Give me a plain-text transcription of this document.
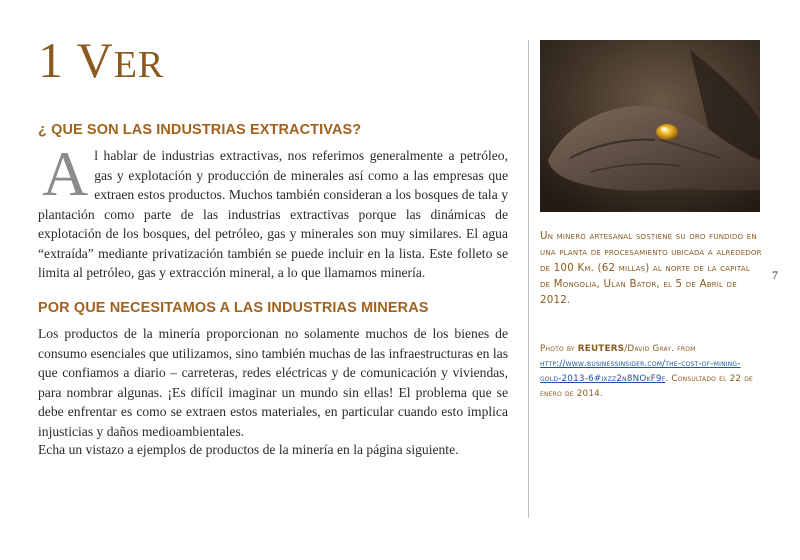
1 VER
¿ QUE SON LAS INDUSTRIAS EXTRACTIVAS?
A l hablar de industrias extractivas, nos referimos generalmente a petróleo, gas y explotación y producción de minerales así como a las empresas que extraen estos productos. Muchos también consideran a los bosques de tala y plantación como parte de las industrias extractivas porque las dinámicas de explotación de los bosques, del petróleo, gas y minerales son muy similares. El agua “extraída” mediante privatización también se puede incluir en la lista. Este folleto se limita al petróleo, gas y extracción mineral, a lo que llamamos minería.
POR QUE NECESITAMOS A LAS INDUSTRIAS MINERAS
Los productos de la minería proporcionan no solamente muchos de los bienes de consumo esenciales que utilizamos, sino también muchas de las infraestructuras en las que confiamos a diario – carreteras, redes eléctricas y de comunicación y viviendas, para nombrar algunas. ¡Es difícil imaginar un mundo sin ellas! El problema que se debe enfrentar es como se extraen estos materiales, en particular cuando esto implica injusticias y daños medioambientales.
Echa un vistazo a ejemplos de productos de la minería en la página siguiente.
Un minero artesanal sostiene su oro fundido en una planta de procesamiento ubicada a alrededor de 100 Km. (62 millas) al norte de la capital de Mongolia, Ulan Bator, el 5 de Abril de 2012.
Photo by REUTERS/David Gray. from http://www.businessinsider.com/the-cost-of-mining-gold-2013-6#ixzz2n8NOkF9f. Consultado el 22 de enero de 2014.
7
